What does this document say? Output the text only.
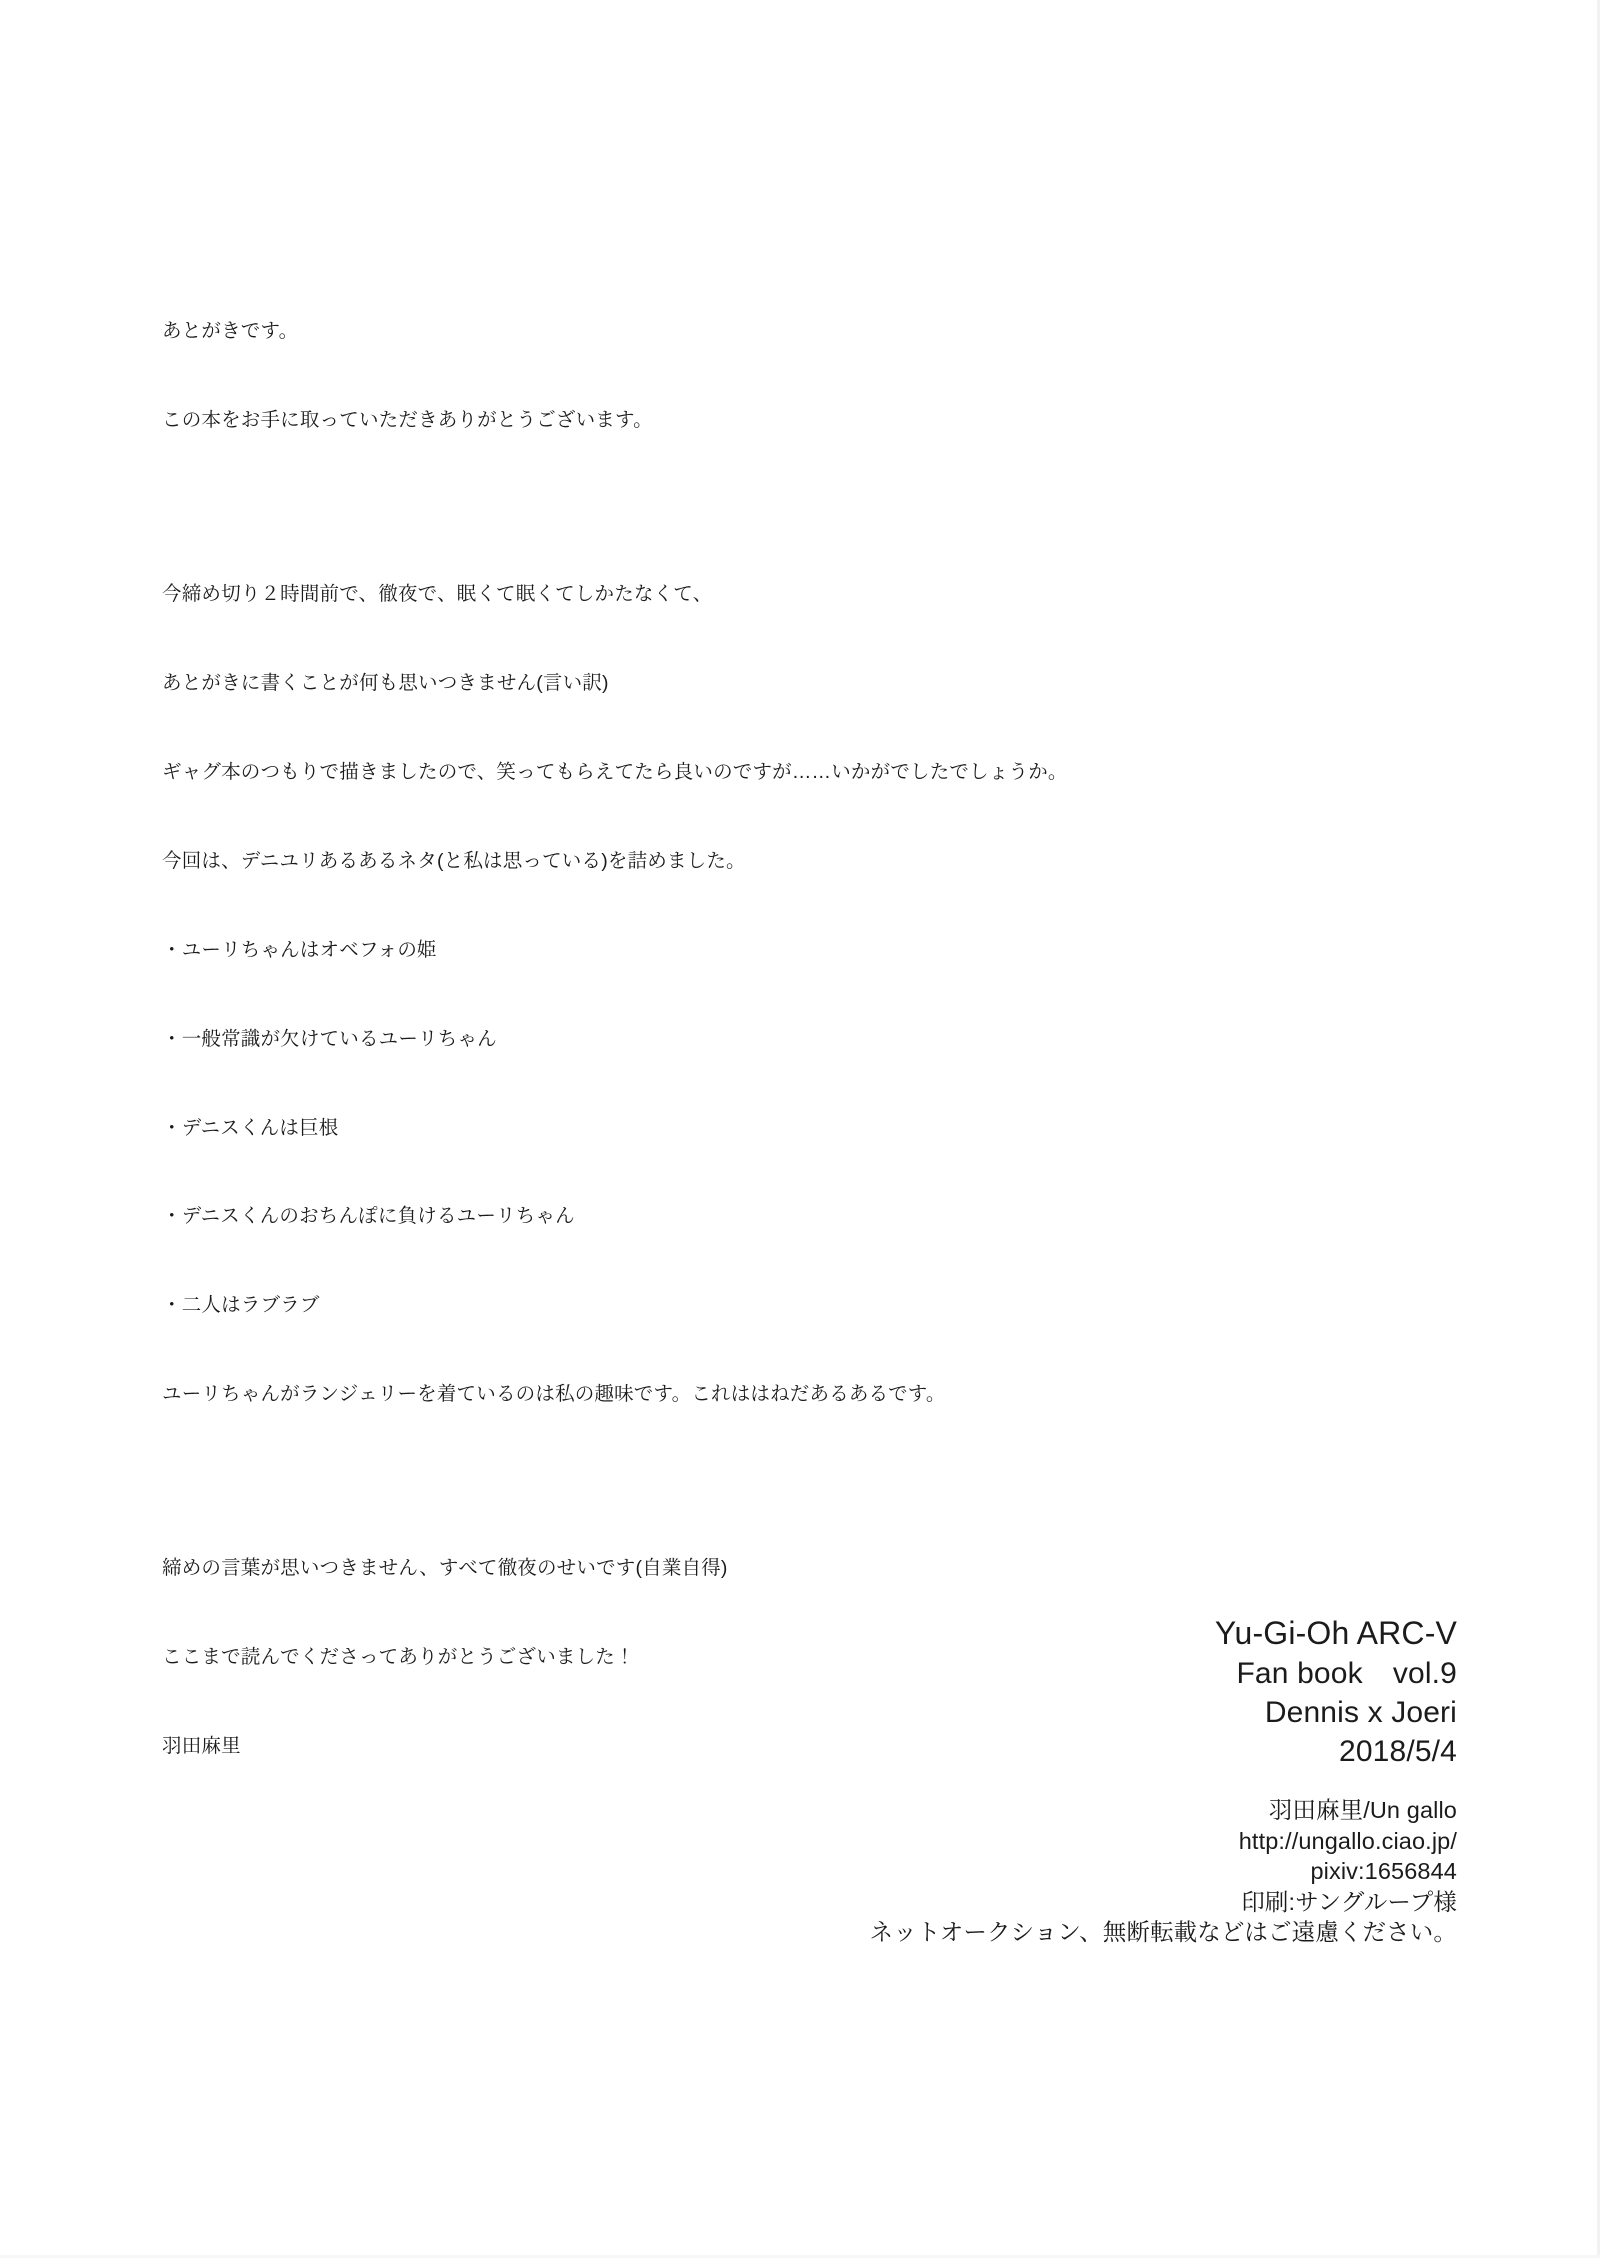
あとがきです。

この本をお手に取っていただきありがとうございます。

今締め切り２時間前で、徹夜で、眠くて眠くてしかたなくて、

あとがきに書くことが何も思いつきません(言い訳)

ギャグ本のつもりで描きましたので、笑ってもらえてたら良いのですが……いかがでしたでしょうか。

今回は、デニユリあるあるネタ(と私は思っている)を詰めました。

・ユーリちゃんはオベフォの姫

・一般常識が欠けているユーリちゃん

・デニスくんは巨根

・デニスくんのおちんぽに負けるユーリちゃん

・二人はラブラブ

ユーリちゃんがランジェリーを着ているのは私の趣味です。これははねだあるあるです。

締めの言葉が思いつきません、すべて徹夜のせいです(自業自得)

ここまで読んでくださってありがとうございました！

羽田麻里

Yu-Gi-Oh ARC-V
Fan book　vol.9
Dennis x Joeri
2018/5/4
羽田麻里/Un gallo
http://ungallo.ciao.jp/
pixiv:1656844
印刷:サングループ様
ネットオークション、無断転載などはご遠慮ください。
